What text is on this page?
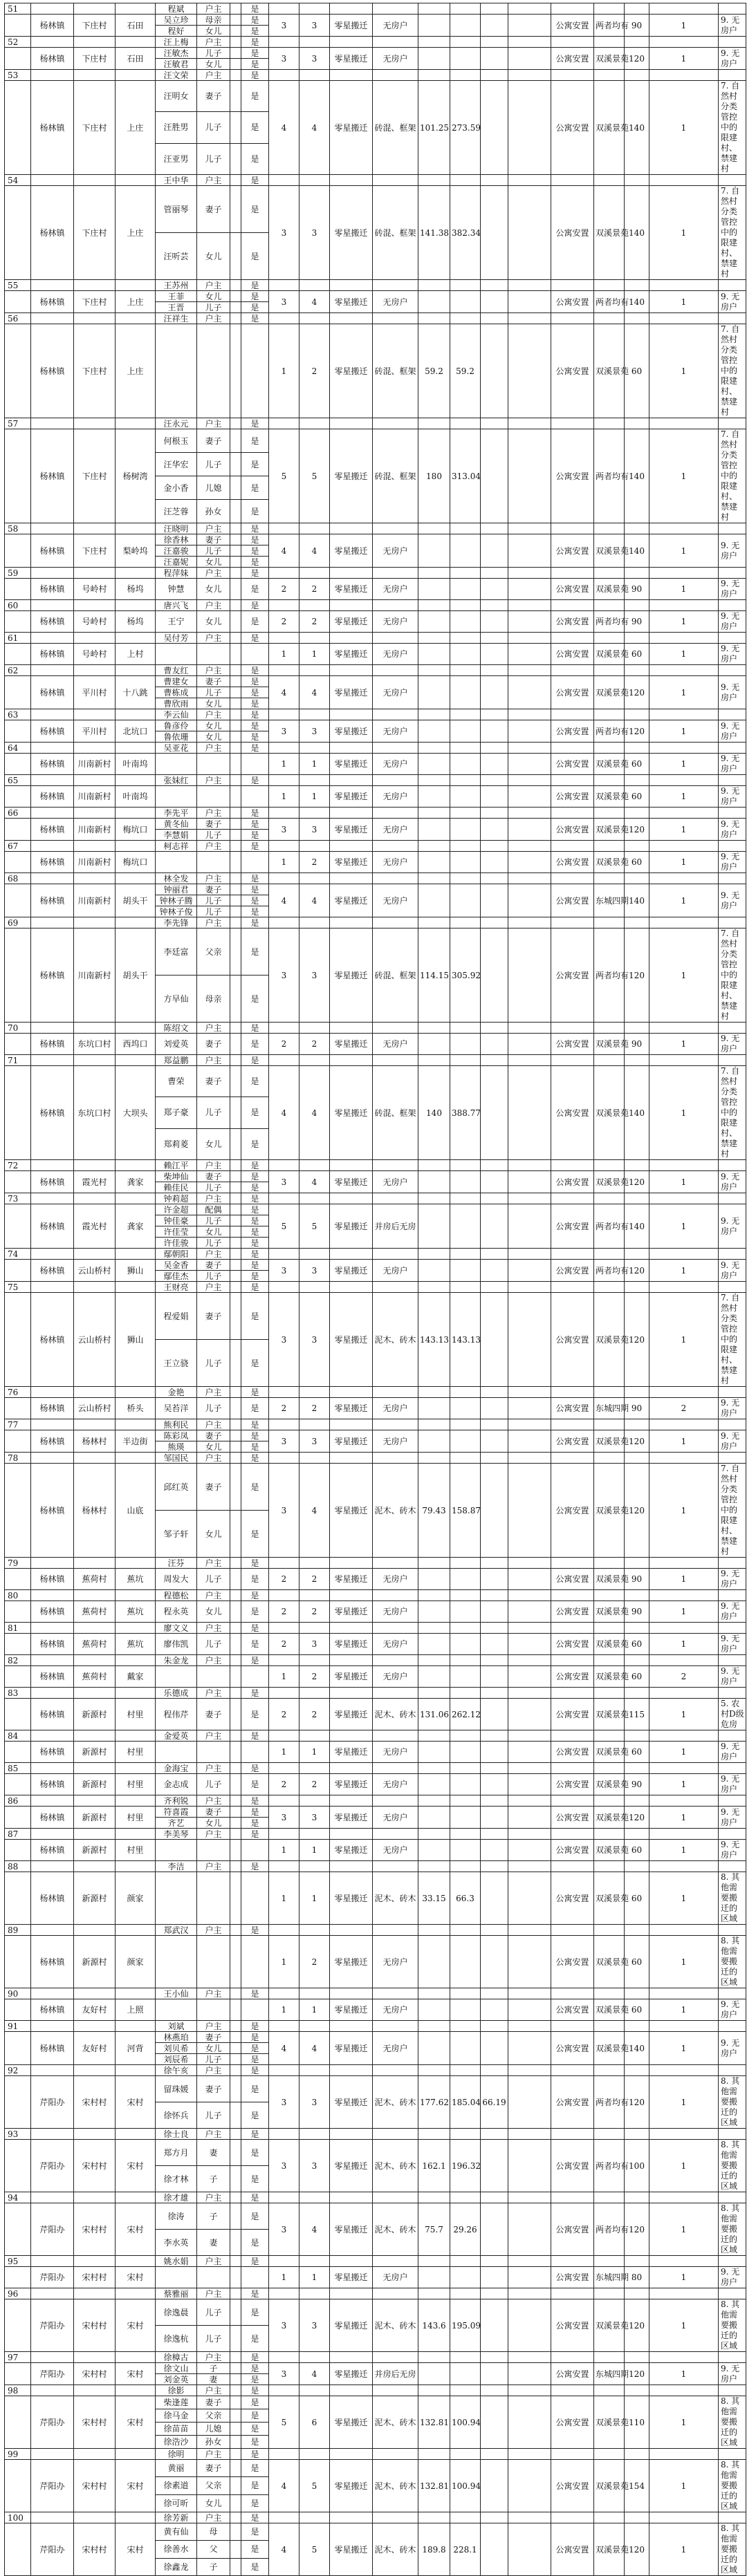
51				程斌	户主		是														
	杨林镇	下庄村	石田	吴立珍	母亲		是	3	3	零星搬迁	无房户					公寓安置	两者均有	90	1	9. 无房户	
				程好	女儿		是														
52				汪上梅	户主		是														
	杨林镇	下庄村	石田	汪敏杰	儿子		是	3	3	零星搬迁	无房户					公寓安置	双溪景苑	120	1	9. 无房户	
				汪敏君	女儿		是														
53				汪文荣	户主		是														
	杨林镇	下庄村	上庄	汪明女	妻子		是	4	4	零星搬迁	砖混、框架	101.25	273.59			公寓安置	双溪景苑	140	1	7. 自然村分类管控中的限建村、禁建村	
				汪胜男	儿子		是														
				汪亚男	儿子		是														
54				王中华	户主		是														
	杨林镇	下庄村	上庄	管丽琴	妻子		是	3	3	零星搬迁	砖混、框架	141.38	382.34			公寓安置	双溪景苑	140	1	7. 自然村分类管控中的限建村、禁建村	
				汪听芸	女儿		是														
55				王苏州	户主		是														
	杨林镇	下庄村	上庄	王菲	女儿		是	3	4	零星搬迁	无房户					公寓安置	两者均有	140	1	9. 无房户	
				王晋	儿子		是														
56				汪祥生	户主		是														
	杨林镇	下庄村	上庄					1	2	零星搬迁	砖混、框架	59.2	59.2			公寓安置	双溪景苑	60	1	7. 自然村分类管控中的限建村、禁建村	
57				汪永元	户主		是														
	杨林镇	下庄村	杨树湾	何根玉	妻子		是	5	5	零星搬迁	砖混、框架	180	313.04			公寓安置	两者均有	140	1	7. 自然村分类管控中的限建村、禁建村	
				汪华宏	儿子		是														
				金小香	儿媳		是														
				汪芝蓉	孙女		是														
58				汪晓明	户主		是														
	杨林镇	下庄村	梨岭坞	徐香林	妻子		是	4	4	零星搬迁	无房户					公寓安置	双溪景苑	140	1	9. 无房户	
				汪嘉骏	儿子		是														
				汪嘉妮	女儿		是														
59				程萍妹	户主		是														
	杨林镇	号岭村	杨坞	钟慧	女儿		是	2	2	零星搬迁	无房户					公寓安置	双溪景苑	90	1	9. 无房户	
60				唐兴飞	户主		是														
	杨林镇	号岭村	杨坞	王宁	女儿		是	2	2	零星搬迁	无房户					公寓安置	两者均有	90	1	9. 无房户	
61				吴付芳	户主		是														
	杨林镇	号岭村	上村					1	1	零星搬迁	无房户					公寓安置	双溪景苑	60	1	9. 无房户	
62				曹友红	户主		是														
	杨林镇	平川村	十八跳	曹建女	妻子		是	4	4	零星搬迁	无房户					公寓安置	双溪景苑	120	1	9. 无房户	
				曹栋成	儿子		是														
				曹欣雨	女儿		是														
63				李云仙	户主		是														
	杨林镇	平川村	北坑口	鲁彦伶	女儿		是	3	3	零星搬迁	无房户					公寓安置	两者均有	120	1	9. 无房户	
				鲁依珊	女儿		是														
64				吴亚花	户主		是														
	杨林镇	川南新村	叶南坞					1	1	零星搬迁	无房户					公寓安置	双溪景苑	60	1	9. 无房户	
65				张妹红	户主		是														
	杨林镇	川南新村	叶南坞					1	1	零星搬迁	无房户					公寓安置	双溪景苑	60	1	9. 无房户	
66				李先平	户主		是														
	杨林镇	川南新村	梅坑口	黄冬仙	妻子		是	3	3	零星搬迁	无房户					公寓安置	双溪景苑	120	1	9. 无房户	
				李慧娟	儿子		是														
67				柯志祥	户主		是														
	杨林镇	川南新村	梅坑口					1	2	零星搬迁	无房户					公寓安置	双溪景苑	60	1	9. 无房户	
68				林全发	户主		是														
	杨林镇	川南新村	胡头干	钟丽君	妻子		是	4	4	零星搬迁	无房户					公寓安置	东城四期	140	1	9. 无房户	
				钟林子腾	儿子		是														
				钟林子俊	儿子		是														
69				李先锋	户主		是														
	杨林镇	川南新村	胡头干	李廷富	父亲		是	3	3	零星搬迁	砖混、框架	114.15	305.92			公寓安置	两者均有	120	1	7. 自然村分类管控中的限建村、禁建村	
				方早仙	母亲		是														
70				陈绍文	户主		是														
	杨林镇	东坑口村	西坞口	刘爱英	妻子		是	2	2	零星搬迁	无房户					公寓安置	双溪景苑	90	1	9. 无房户	
71				郑益鹏	户主		是														
	杨林镇	东坑口村	大坝头	曹荣	妻子		是	4	4	零星搬迁	砖混、框架	140	388.77			公寓安置	双溪景苑	140	1	7. 自然村分类管控中的限建村、禁建村	
				郑子豪	儿子		是														
				郑莉菱	女儿		是														
72				赖江平	户主		是														
	杨林镇	霞光村	龚家	柴坤仙	妻子		是	3	4	零星搬迁	无房户					公寓安置	双溪景苑	120	1	9. 无房户	
				赖佳民	儿子		是														
73				钟莉超	户主		是														
	杨林镇	霞光村	龚家	许金超	配偶		是	5	5	零星搬迁	并房后无房					公寓安置	两者均有	140	1	9. 无房户	
				钟佳豪	儿子		是														
				许佳莹	女儿		是														
				许佳骏	儿子		是														
74				鄢朝阳	户主		是														
	杨林镇	云山桥村	狮山	吴金香	妻子		是	3	3	零星搬迁	无房户					公寓安置	两者均有	120	1	9. 无房户	
				鄢佳杰	儿子		是														
75				王财亮	户主		是														
	杨林镇	云山桥村	狮山	程爱娟	妻子		是	3	3	零星搬迁	泥木、砖木	143.13	143.13			公寓安置	双溪景苑	120	1	7. 自然村分类管控中的限建村、禁建村	
				王立骁	儿子		是														
76				金艳	户主		是														
	杨林镇	云山桥村	桥头	吴苔洋	儿子		是	2	2	零星搬迁	无房户					公寓安置	东城四期	90	2	9. 无房户	
77				熊利民	户主		是														
	杨林镇	杨林村	半边街	陈彩凤	妻子		是	3	3	零星搬迁	无房户					公寓安置	双溪景苑	120	1	9. 无房户	
				熊瑛	女儿		是														
78				邹国民	户主		是														
	杨林镇	杨林村	山底	邱红英	妻子		是	3	4	零星搬迁	泥木、砖木	79.43	158.87			公寓安置	双溪景苑	120	1	7. 自然村分类管控中的限建村、禁建村	
				邹子轩	女儿		是														
79				汪芬	户主		是														
	杨林镇	蕉荷村	蕉坑	周发大	儿子		是	2	2	零星搬迁	无房户					公寓安置	双溪景苑	90	1	9. 无房户	
80				程德松	户主		是														
	杨林镇	蕉荷村	蕉坑	程永英	女儿		是	2	2	零星搬迁	无房户					公寓安置	双溪景苑	90	1	9. 无房户	
81				廖文义	户主		是														
	杨林镇	蕉荷村	蕉坑	廖伟凯	儿子		是	2	3	零星搬迁	无房户					公寓安置	双溪景苑	60	1	9. 无房户	
82				朱金龙	户主		是														
	杨林镇	蕉荷村	戴家					1	2	零星搬迁	无房户					公寓安置	双溪景苑	60	2	9. 无房户	
83				乐德成	户主		是														
	杨林镇	新源村	村里	程伟芹	妻子		是	2	2	零星搬迁	泥木、砖木	131.06	262.12			公寓安置	双溪景苑	115	1	5. 农村D级危房	
84				金爱英	户主		是														
	杨林镇	新源村	村里					1	1	零星搬迁	无房户					公寓安置	双溪景苑	60	1	9. 无房户	
85				金海宝	户主		是														
	杨林镇	新源村	村里	金志成	儿子		是	2	2	零星搬迁	无房户					公寓安置	双溪景苑	90	1	9. 无房户	
86				齐利锐	户主		是														
	杨林镇	新源村	村里	符喜霞	妻子		是	3	3	零星搬迁	无房户					公寓安置	双溪景苑	120	1	9. 无房户	
				齐艺	女儿		是														
87				李美琴	户主		是														
	杨林镇	新源村	村里					1	1	零星搬迁	无房户					公寓安置	双溪景苑	60	1	9. 无房户	
88				李洁	户主		是														
	杨林镇	新源村	颜家					1	1	零星搬迁	泥木、砖木	33.15	66.3			公寓安置	双溪景苑	60	1	8. 其他需要搬迁的区域	
89				郑武汉	户主		是														
	杨林镇	新源村	颜家					1	2	零星搬迁	无房户					公寓安置	双溪景苑	60	1	8. 其他需要搬迁的区域	
90				王小仙	户主		是														
	杨林镇	友好村	上照					1	1	零星搬迁	无房户					公寓安置	双溪景苑	60	1	9. 无房户	
91				刘斌	户主		是														
	杨林镇	友好村	河背	林燕珀	妻子		是	4	4	零星搬迁	无房户					公寓安置	双溪景苑	140	1	9. 无房户	
				刘贝希	女儿		是														
				刘辰希	儿子		是														
92				徐午亥	户主		是														
	芹阳办	宋村村	宋村	留珠媛	妻子		是	3	3	零星搬迁	泥木、砖木	177.62	185.04	66.19		公寓安置	两者均有	120	1	8. 其他需要搬迁的区域	
				徐怀兵	儿子		是														
93				徐士良	户主		是														
	芹阳办	宋村村	宋村	郑方月	妻		是	3	3	零星搬迁	泥木、砖木	162.1	196.32			公寓安置	两者均有	100	1	8. 其他需要搬迁的区域	
				徐才林	子		是														
94				徐才雄	户主		是														
	芹阳办	宋村村	宋村	徐涛	子		是	3	4	零星搬迁	泥木、砖木	75.7	29.26			公寓安置	两者均有	120	1	8. 其他需要搬迁的区域	
				李水英	妻		是														
95				姚水娟	户主		是														
	芹阳办	宋村村	宋村					1	1	零星搬迁	无房户					公寓安置	东城四期	80	1	9. 无房户	
96				蔡雅丽	户主		是														
	芹阳办	宋村村	宋村	徐逸晨	儿子		是	3	3	零星搬迁	泥木、砖木	143.6	195.09			公寓安置	双溪景苑	120	1	8. 其他需要搬迁的区域	
				徐逸杭	儿子		是														
97				徐樟古	户主		是														
	芹阳办	宋村村	宋村	徐文山	子		是	3	4	零星搬迁	并房后无房					公寓安置	东城四期	120	1	9. 无房户	
				刘金英	妻		是														
98				徐影	户主		是														
	芹阳办	宋村村	宋村	柴逢莲	妻子		是	5	6	零星搬迁	泥木、砖木	132.81	100.94			公寓安置	双溪景苑	110	1	8. 其他需要搬迁的区域	
				徐马金	父亲		是														
				徐苗苗	儿媳		是														
				徐浩沙	孙女		是														
99				徐明	户主		是														
	芹阳办	宋村村	宋村	黄丽	妻子		是	4	5	零星搬迁	泥木、砖木	132.81	100.94			公寓安置	双溪景苑	154	1	8. 其他需要搬迁的区域	
				徐素道	父亲		是														
				徐可昕	女儿		是														
100				徐芳新	户主		是														
	芹阳办	宋村村	宋村	黄有仙	母		是	4	5	零星搬迁	泥木、砖木	189.8	228.1			公寓安置	双溪景苑	120	1	8. 其他需要搬迁的区域	
				徐善水	父		是														
				徐鑫龙	子		是														
